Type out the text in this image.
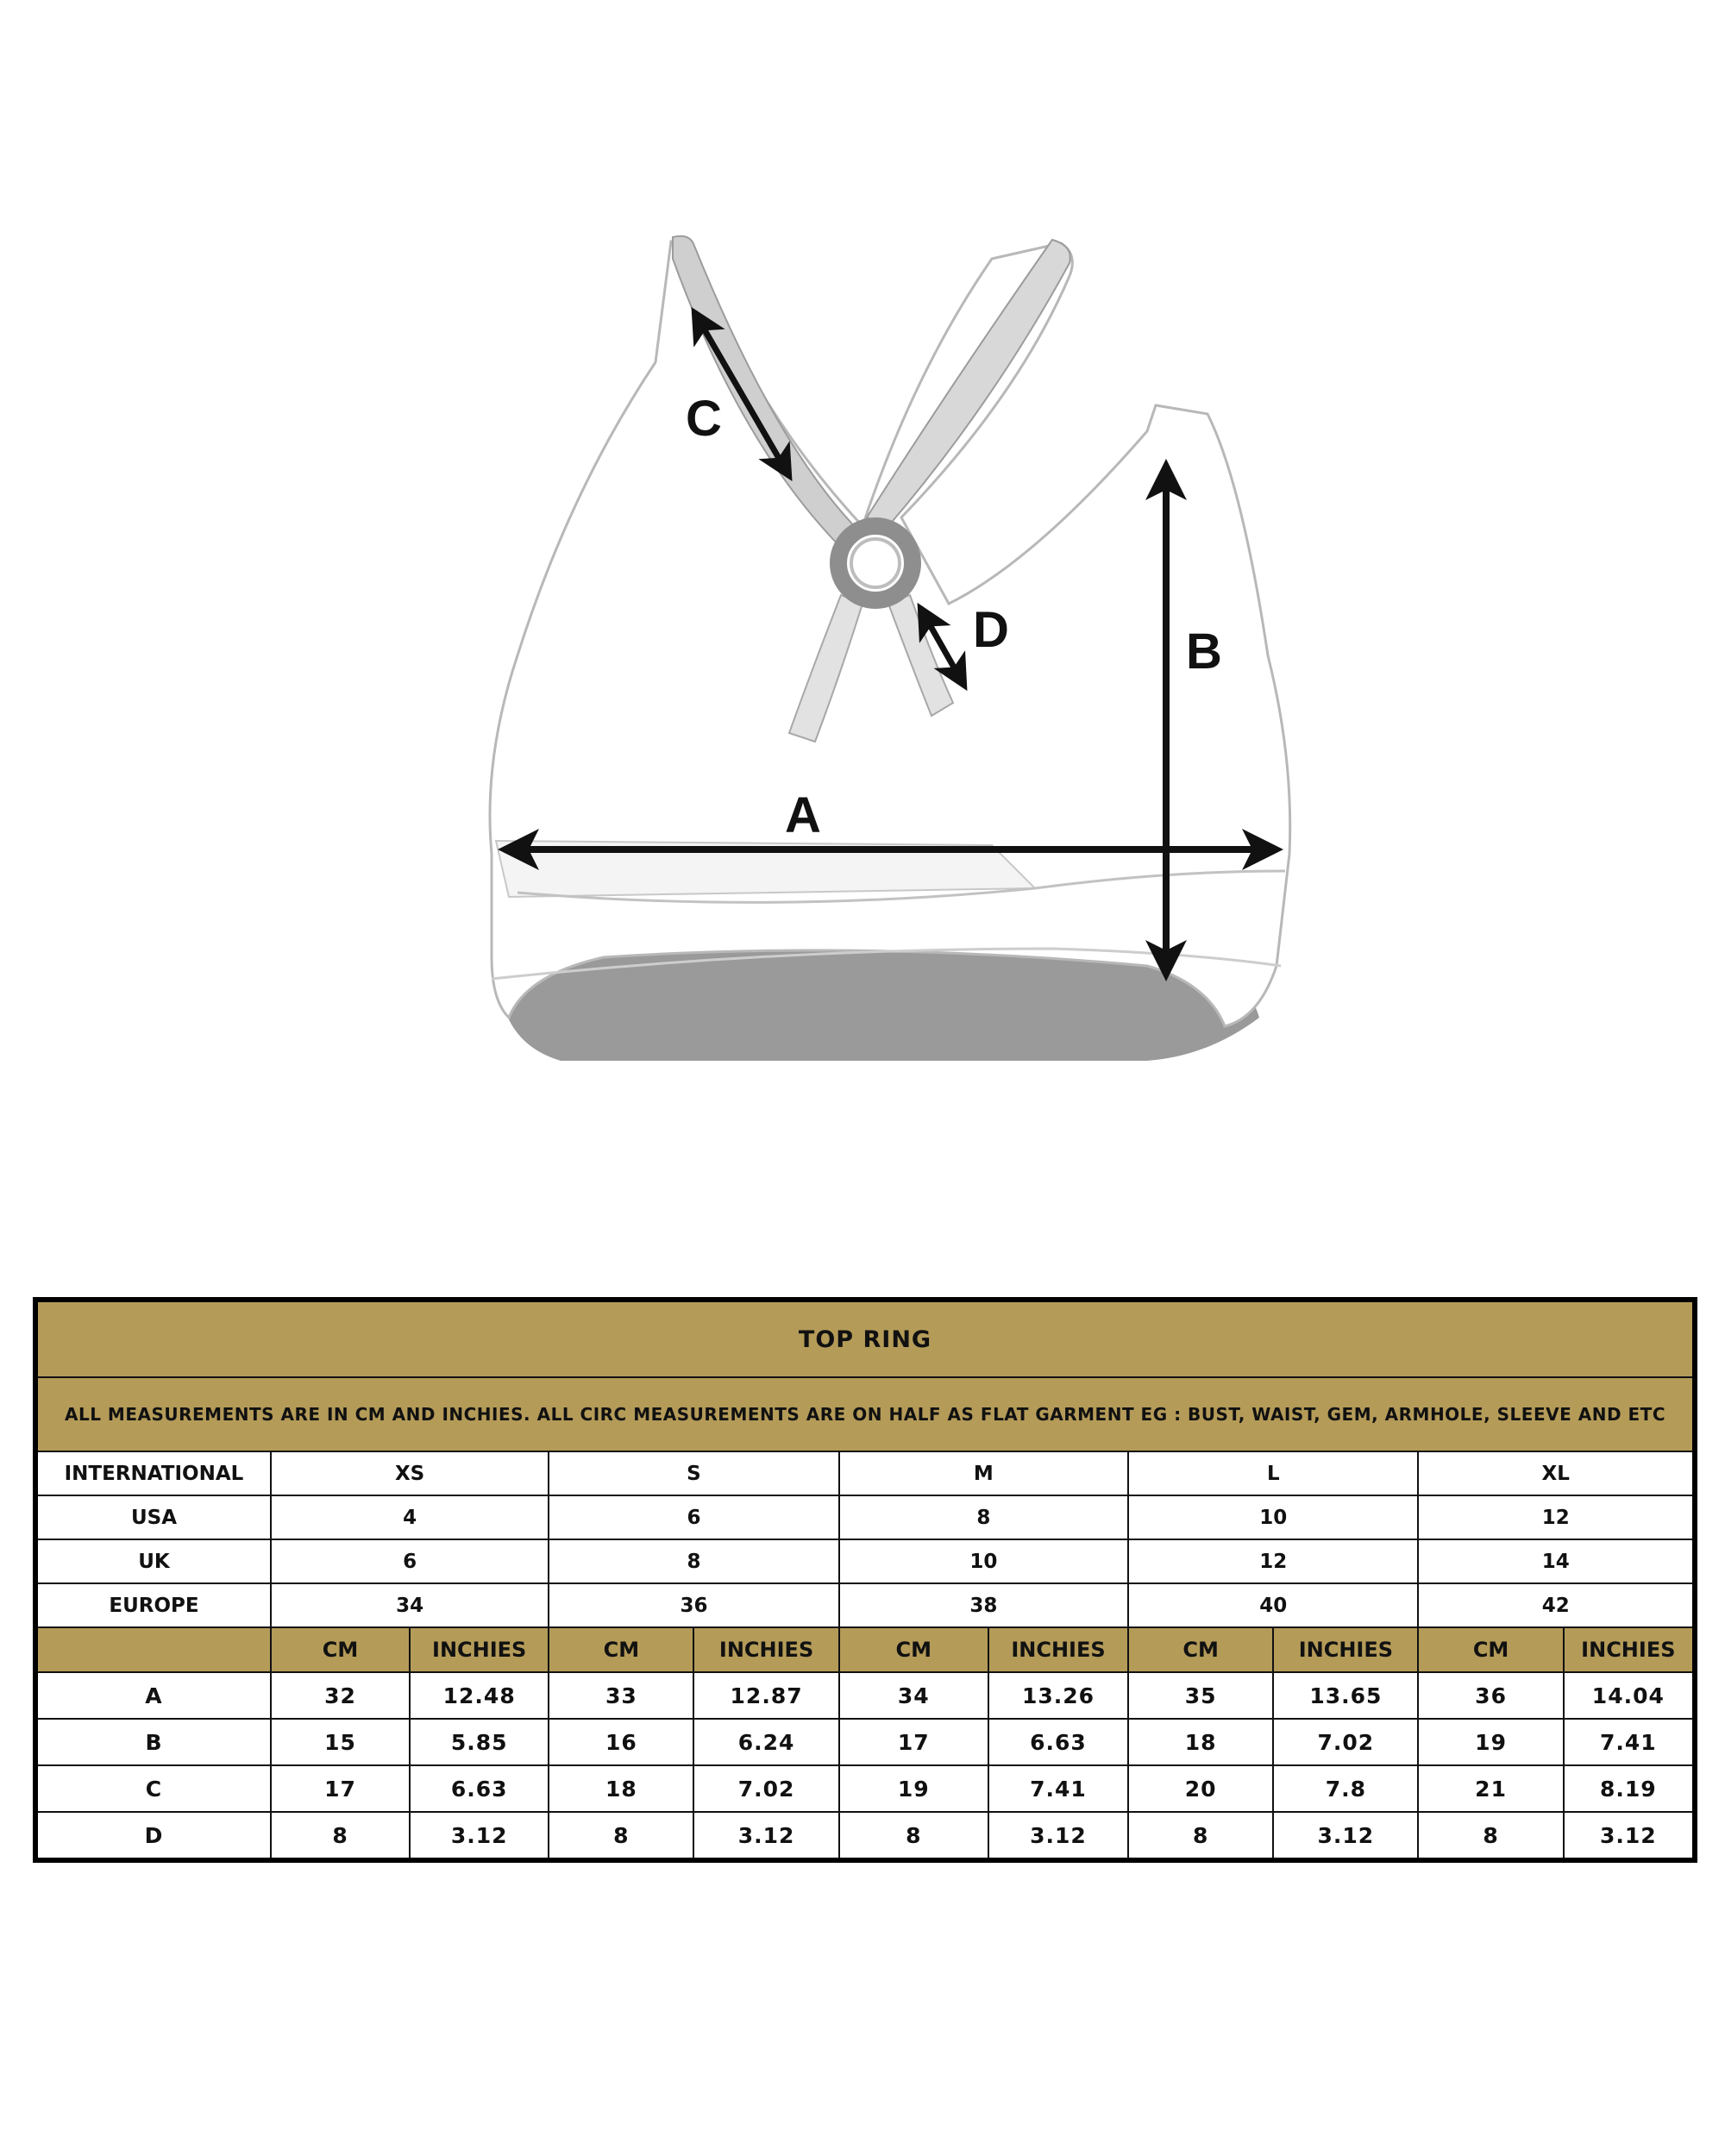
A
B
C
D
TOP RING										
ALL MEASUREMENTS ARE IN CM AND INCHIES. ALL CIRC MEASUREMENTS ARE ON HALF AS FLAT GARMENT EG : BUST, WAIST, GEM, ARMHOLE, SLEEVE AND ETC										
INTERNATIONAL	XS		S		M		L		XL	
USA	4		6		8		10		12	
UK	6		8		10		12		14	
EUROPE	34		36		38		40		42	
	CM	INCHIES	CM	INCHIES	CM	INCHIES	CM	INCHIES	CM	INCHIES
A	32	12.48	33	12.87	34	13.26	35	13.65	36	14.04
B	15	5.85	16	6.24	17	6.63	18	7.02	19	7.41
C	17	6.63	18	7.02	19	7.41	20	7.8	21	8.19
D	8	3.12	8	3.12	8	3.12	8	3.12	8	3.12
